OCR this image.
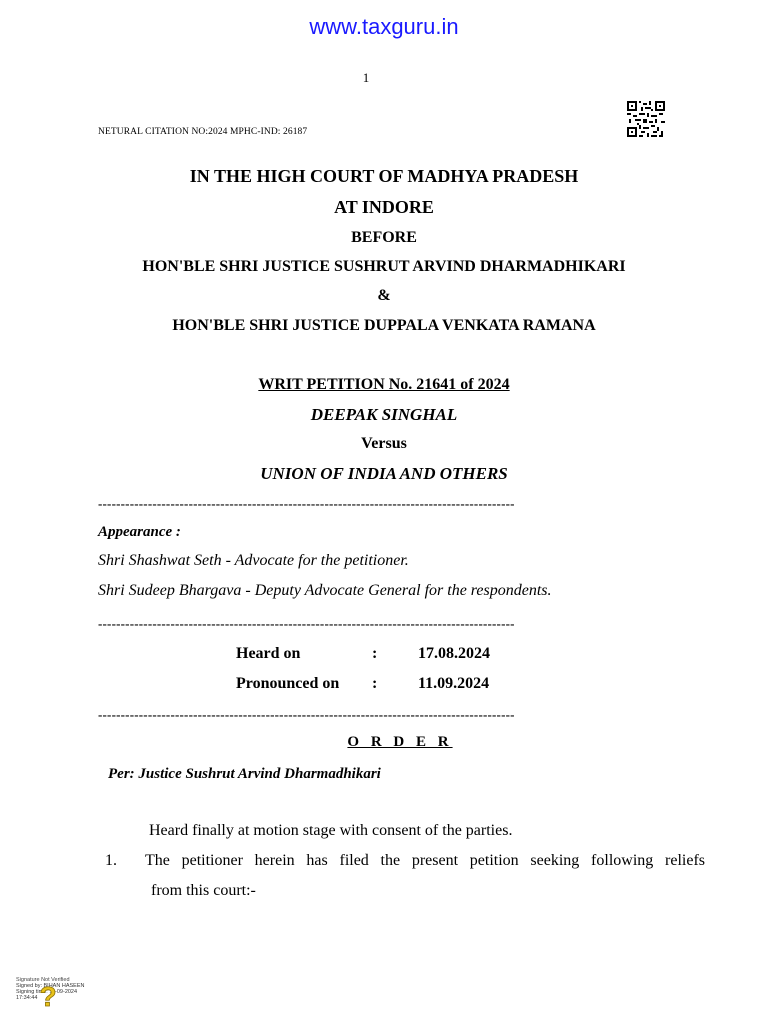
www.taxguru.in
1
NETURAL CITATION NO:2024 MPHC-IND: 26187
IN THE HIGH COURT OF MADHYA PRADESH
AT INDORE
BEFORE
HON'BLE SHRI JUSTICE SUSHRUT ARVIND DHARMADHIKARI
&
HON'BLE SHRI JUSTICE DUPPALA VENKATA RAMANA
WRIT PETITION No. 21641 of 2024
DEEPAK SINGHAL
Versus
UNION OF INDIA AND OTHERS
--------------------------------------------------------------------------------------------
Appearance :
Shri Shashwat Seth - Advocate for the petitioner.
Shri Sudeep Bhargava - Deputy Advocate General for the respondents.
--------------------------------------------------------------------------------------------
Heard on	:	17.08.2024
Pronounced on :	11.09.2024
--------------------------------------------------------------------------------------------
O R D E R
Per: Justice Sushrut Arvind Dharmadhikari
Heard finally at motion stage with consent of the parties.
1. The petitioner herein has filed the present petition seeking following reliefs
from this court:-
Signature Not Verified
Signed by: BIHAN HASEEN
Signing time: 11-09-2024
17:34:44 ?
